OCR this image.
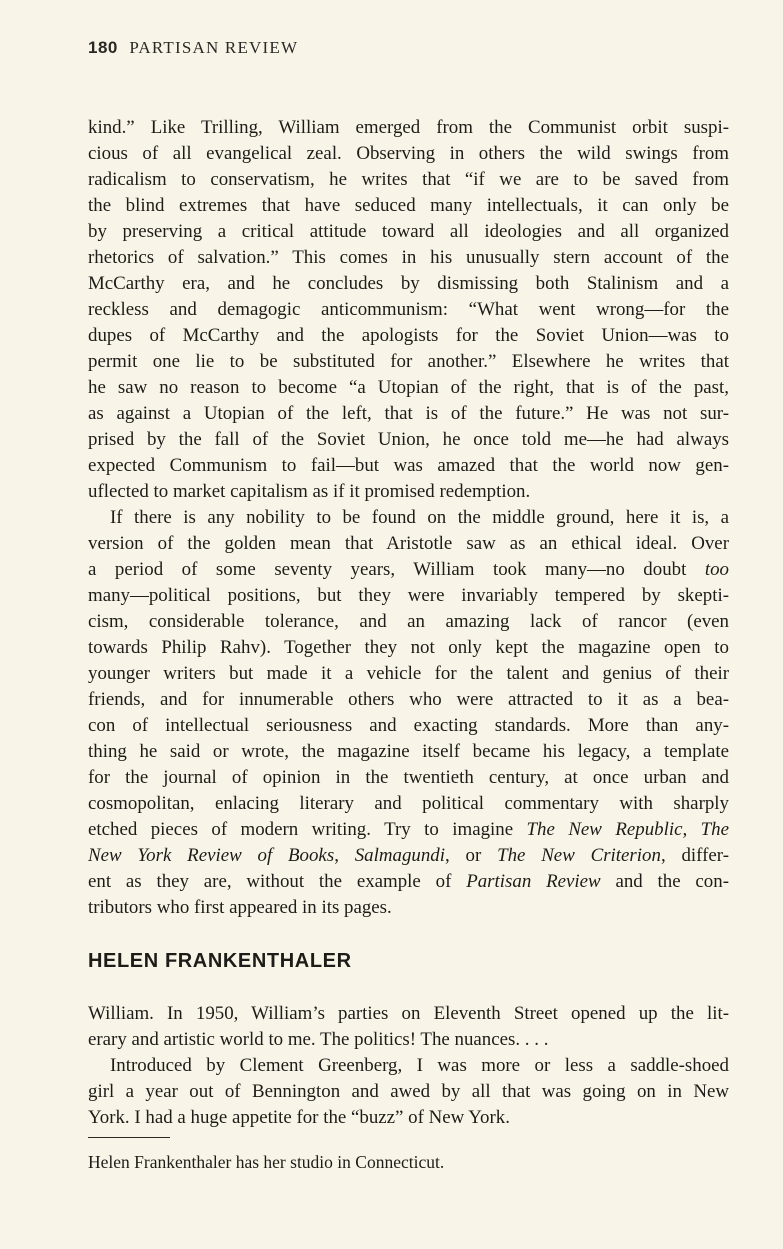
180 PARTISAN REVIEW
kind.” Like Trilling, William emerged from the Communist orbit suspi-
cious of all evangelical zeal. Observing in others the wild swings from
radicalism to conservatism, he writes that “if we are to be saved from
the blind extremes that have seduced many intellectuals, it can only be
by preserving a critical attitude toward all ideologies and all organized
rhetorics of salvation.” This comes in his unusually stern account of the
McCarthy era, and he concludes by dismissing both Stalinism and a
reckless and demagogic anticommunism: “What went wrong—for the
dupes of McCarthy and the apologists for the Soviet Union—was to
permit one lie to be substituted for another.” Elsewhere he writes that
he saw no reason to become “a Utopian of the right, that is of the past,
as against a Utopian of the left, that is of the future.” He was not sur-
prised by the fall of the Soviet Union, he once told me—he had always
expected Communism to fail—but was amazed that the world now gen-
uflected to market capitalism as if it promised redemption.
If there is any nobility to be found on the middle ground, here it is, a
version of the golden mean that Aristotle saw as an ethical ideal. Over
a period of some seventy years, William took many—no doubt too
many—political positions, but they were invariably tempered by skepti-
cism, considerable tolerance, and an amazing lack of rancor (even
towards Philip Rahv). Together they not only kept the magazine open to
younger writers but made it a vehicle for the talent and genius of their
friends, and for innumerable others who were attracted to it as a bea-
con of intellectual seriousness and exacting standards. More than any-
thing he said or wrote, the magazine itself became his legacy, a template
for the journal of opinion in the twentieth century, at once urban and
cosmopolitan, enlacing literary and political commentary with sharply
etched pieces of modern writing. Try to imagine The New Republic, The
New York Review of Books, Salmagundi, or The New Criterion, differ-
ent as they are, without the example of Partisan Review and the con-
tributors who first appeared in its pages.
HELEN FRANKENTHALER
William. In 1950, William’s parties on Eleventh Street opened up the lit-
erary and artistic world to me. The politics! The nuances. . . .
Introduced by Clement Greenberg, I was more or less a saddle-shoed
girl a year out of Bennington and awed by all that was going on in New
York. I had a huge appetite for the “buzz” of New York.
Helen Frankenthaler has her studio in Connecticut.
